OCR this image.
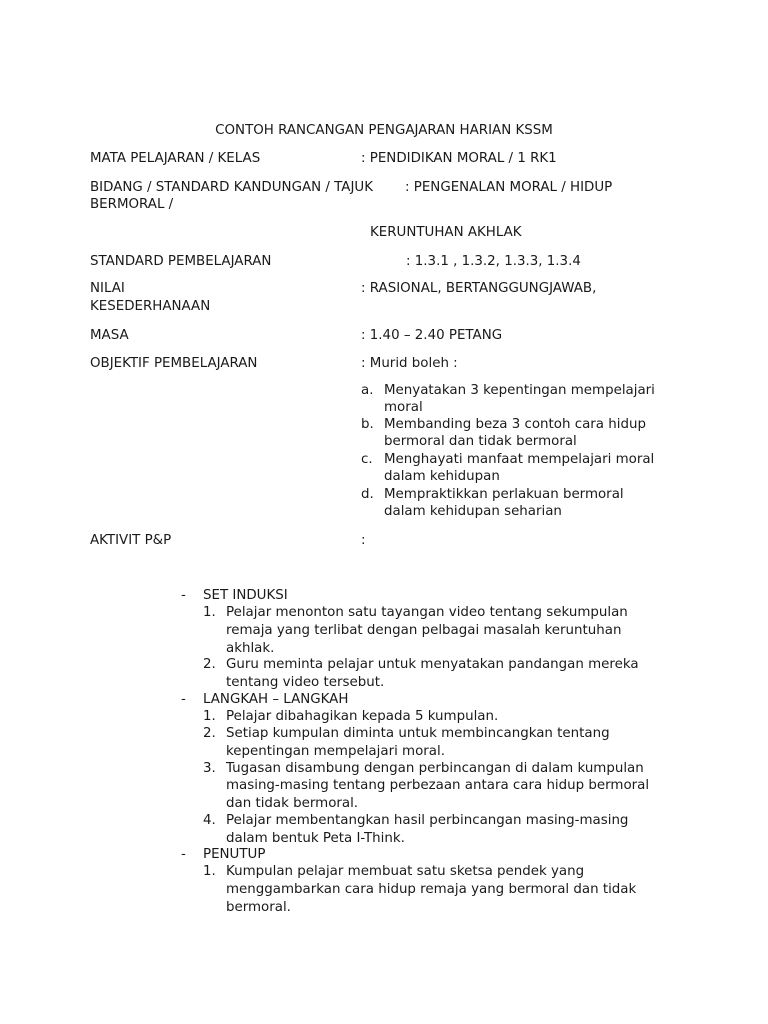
CONTOH RANCANGAN PENGAJARAN HARIAN KSSM
MATA PELAJARAN / KELAS	: PENDIDIKAN MORAL / 1 RK1
BIDANG / STANDARD KANDUNGAN / TAJUK : PENGENALAN MORAL / HIDUP
BERMORAL /
KERUNTUHAN AKHLAK
STANDARD PEMBELAJARAN	: 1.3.1 , 1.3.2, 1.3.3, 1.3.4
NILAI	: RASIONAL, BERTANGGUNGJAWAB,
KESEDERHANAAN
MASA	: 1.40 – 2.40 PETANG
OBJEKTIF PEMBELAJARAN	: Murid boleh :
a. Menyatakan 3 kepentingan mempelajari
moral
b. Membanding beza 3 contoh cara hidup
bermoral dan tidak bermoral
c. Menghayati manfaat mempelajari moral
dalam kehidupan
d. Mempraktikkan perlakuan bermoral
dalam kehidupan seharian
AKTIVIT P&P	:
- SET INDUKSI
1. Pelajar menonton satu tayangan video tentang sekumpulan
remaja yang terlibat dengan pelbagai masalah keruntuhan
akhlak.
2. Guru meminta pelajar untuk menyatakan pandangan mereka
tentang video tersebut.
- LANGKAH – LANGKAH
1. Pelajar dibahagikan kepada 5 kumpulan.
2. Setiap kumpulan diminta untuk membincangkan tentang
kepentingan mempelajari moral.
3. Tugasan disambung dengan perbincangan di dalam kumpulan
masing-masing tentang perbezaan antara cara hidup bermoral
dan tidak bermoral.
4. Pelajar membentangkan hasil perbincangan masing-masing
dalam bentuk Peta I-Think.
- PENUTUP
1. Kumpulan pelajar membuat satu sketsa pendek yang
menggambarkan cara hidup remaja yang bermoral dan tidak
bermoral.
